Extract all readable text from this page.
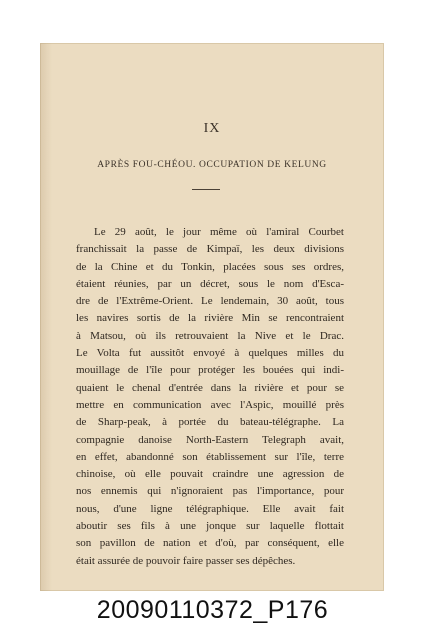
IX
APRÈS FOU-CHÉOU. OCCUPATION DE KELUNG
Le 29 août, le jour même où l'amiral Courbet
franchissait la passe de Kimpaï, les deux divisions
de la Chine et du Tonkin, placées sous ses ordres,
étaient réunies, par un décret, sous le nom d'Esca-
dre de l'Extrême-Orient. Le lendemain, 30 août, tous
les navires sortis de la rivière Min se rencontraient
à Matsou, où ils retrouvaient la Nive et le Drac.
Le Volta fut aussitôt envoyé à quelques milles du
mouillage de l'île pour protéger les bouées qui indi-
quaient le chenal d'entrée dans la rivière et pour se
mettre en communication avec l'Aspic, mouillé près
de Sharp-peak, à portée du bateau-télégraphe. La
compagnie danoise North-Eastern Telegraph avait,
en effet, abandonné son établissement sur l'île, terre
chinoise, où elle pouvait craindre une agression de
nos ennemis qui n'ignoraient pas l'importance, pour
nous, d'une ligne télégraphique. Elle avait fait
aboutir ses fils à une jonque sur laquelle flottait
son pavillon de nation et d'où, par conséquent, elle
était assurée de pouvoir faire passer ses dépêches.
20090110372_P176
